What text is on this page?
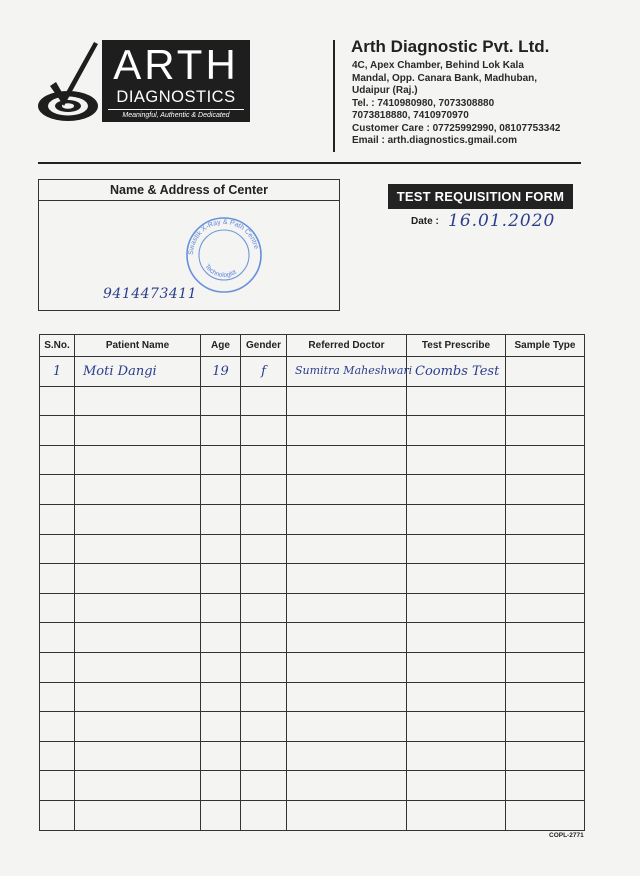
ARTH
DIAGNOSTICS
Meaningful, Authentic & Dedicated
Arth Diagnostic Pvt. Ltd.
4C, Apex Chamber, Behind Lok Kala
Mandal, Opp. Canara Bank, Madhuban,
Udaipur (Raj.)
Tel. : 7410980980, 7073308880
7073818880, 7410970970
Customer Care : 07725992990, 08107753342
Email : arth.diagnostics.gmail.com
Name & Address of Center
Swastik X-Ray & Path Centre
Technologist
9414473411
TEST REQUISITION FORM
Date : 16.01.2020
S.No.	Patient Name	Age	Gender	Referred Doctor	Test Prescribe	Sample Type
1	Moti Dangi	19	f	Sumitra Maheshwari	Coombs Test	

COPL-2771
